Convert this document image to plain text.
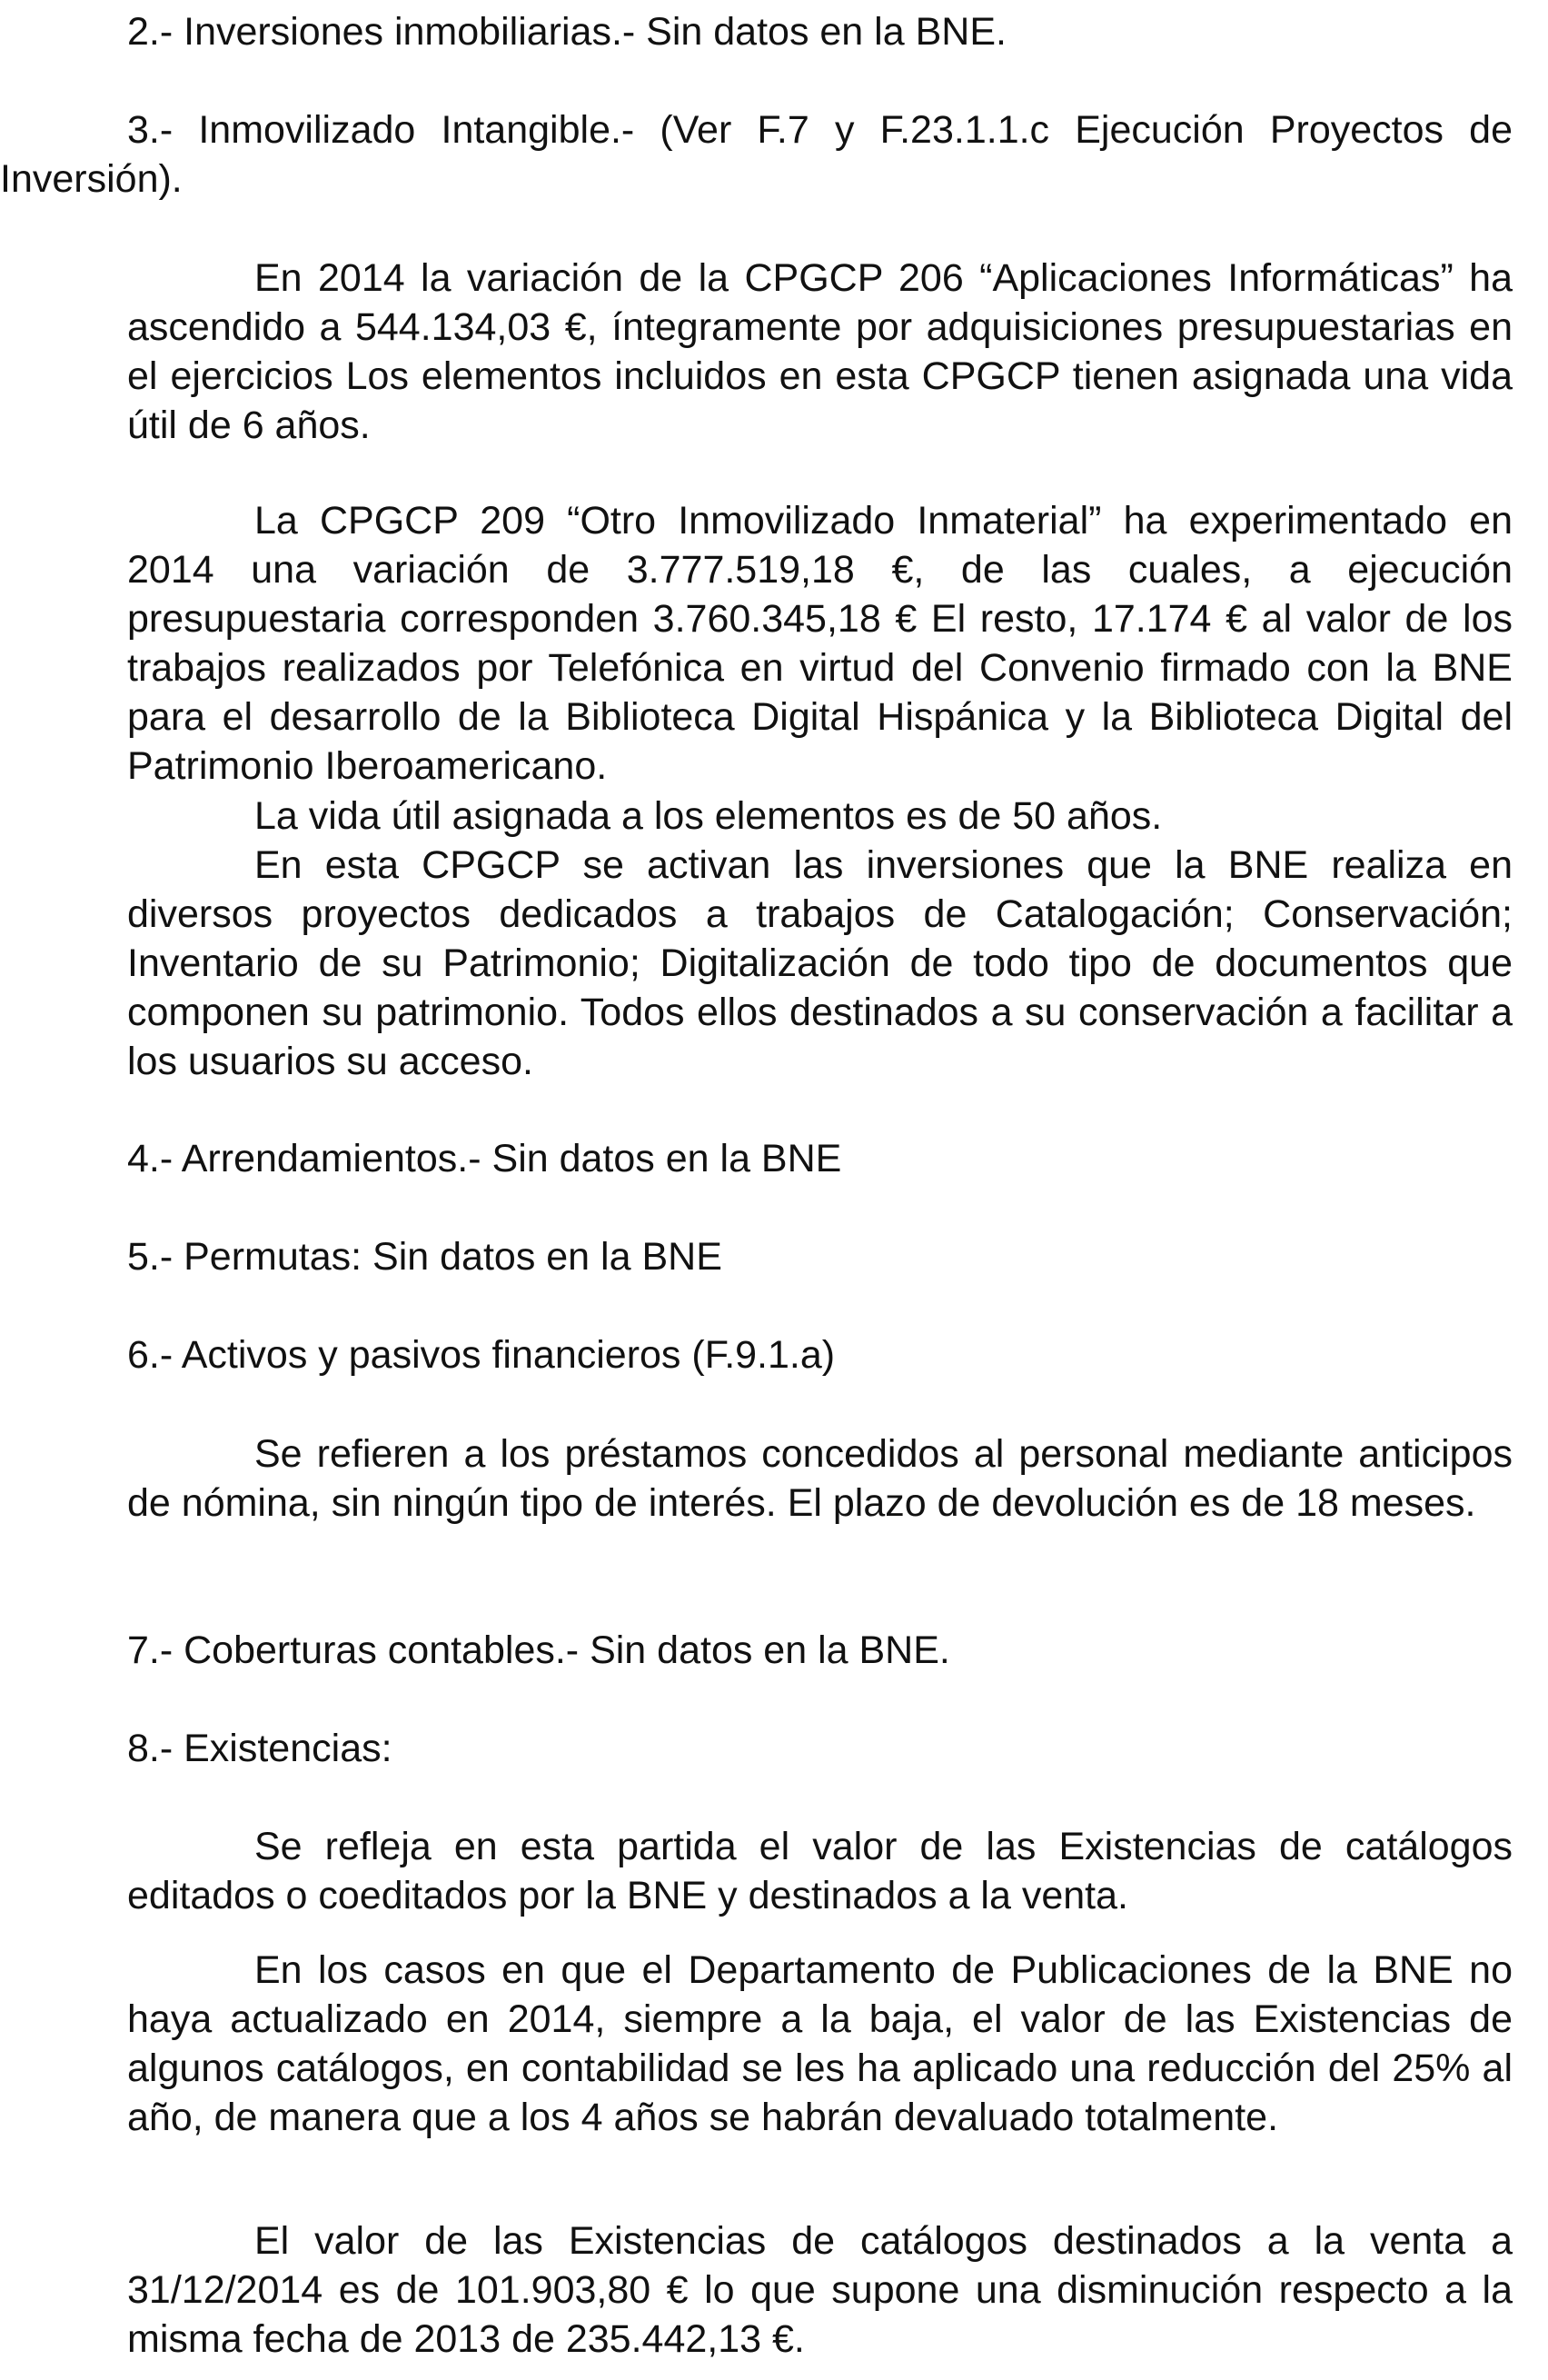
2.- Inversiones inmobiliarias.- Sin datos en la BNE.

3.- Inmovilizado Intangible.- (Ver F.7 y F.23.1.1.c Ejecución Proyectos de Inversión).

En 2014 la variación de la CPGCP 206 “Aplicaciones Informáticas” ha ascendido a 544.134,03 €, íntegramente por adquisiciones presupuestarias en el ejercicios Los elementos incluidos en esta CPGCP tienen asignada una vida útil de 6 años.

La CPGCP 209 “Otro Inmovilizado Inmaterial” ha experimentado en 2014 una variación de 3.777.519,18 €, de las cuales, a ejecución presupuestaria corresponden 3.760.345,18 € El resto, 17.174 € al valor de los trabajos realizados por Telefónica en virtud del Convenio firmado con la BNE para el desarrollo de la Biblioteca Digital Hispánica y la Biblioteca Digital del Patrimonio Iberoamericano.

La vida útil asignada a los elementos es de 50 años.

En esta CPGCP se activan las inversiones que la BNE realiza en diversos proyectos dedicados a trabajos de Catalogación; Conservación; Inventario de su Patrimonio; Digitalización de todo tipo de documentos que componen su patrimonio. Todos ellos destinados a su conservación a facilitar a los usuarios su acceso.

4.- Arrendamientos.- Sin datos en la BNE

5.- Permutas: Sin datos en la BNE

6.- Activos y pasivos financieros (F.9.1.a)

Se refieren a los préstamos concedidos al personal mediante anticipos de nómina, sin ningún tipo de interés. El plazo de devolución es de 18 meses.

7.- Coberturas contables.- Sin datos en la BNE.

8.- Existencias:

Se refleja en esta partida el valor de las Existencias de catálogos editados o coeditados por la BNE y destinados a la venta.

En los casos en que el Departamento de Publicaciones de la BNE no haya actualizado en 2014, siempre a la baja, el valor de las Existencias de algunos catálogos, en contabilidad se les ha aplicado una reducción del 25% al año, de manera que a los 4 años se habrán devaluado totalmente.

El valor de las Existencias de catálogos destinados a la venta a 31/12/2014 es de 101.903,80 € lo que supone una disminución respecto a la misma fecha de 2013 de 235.442,13 €.
